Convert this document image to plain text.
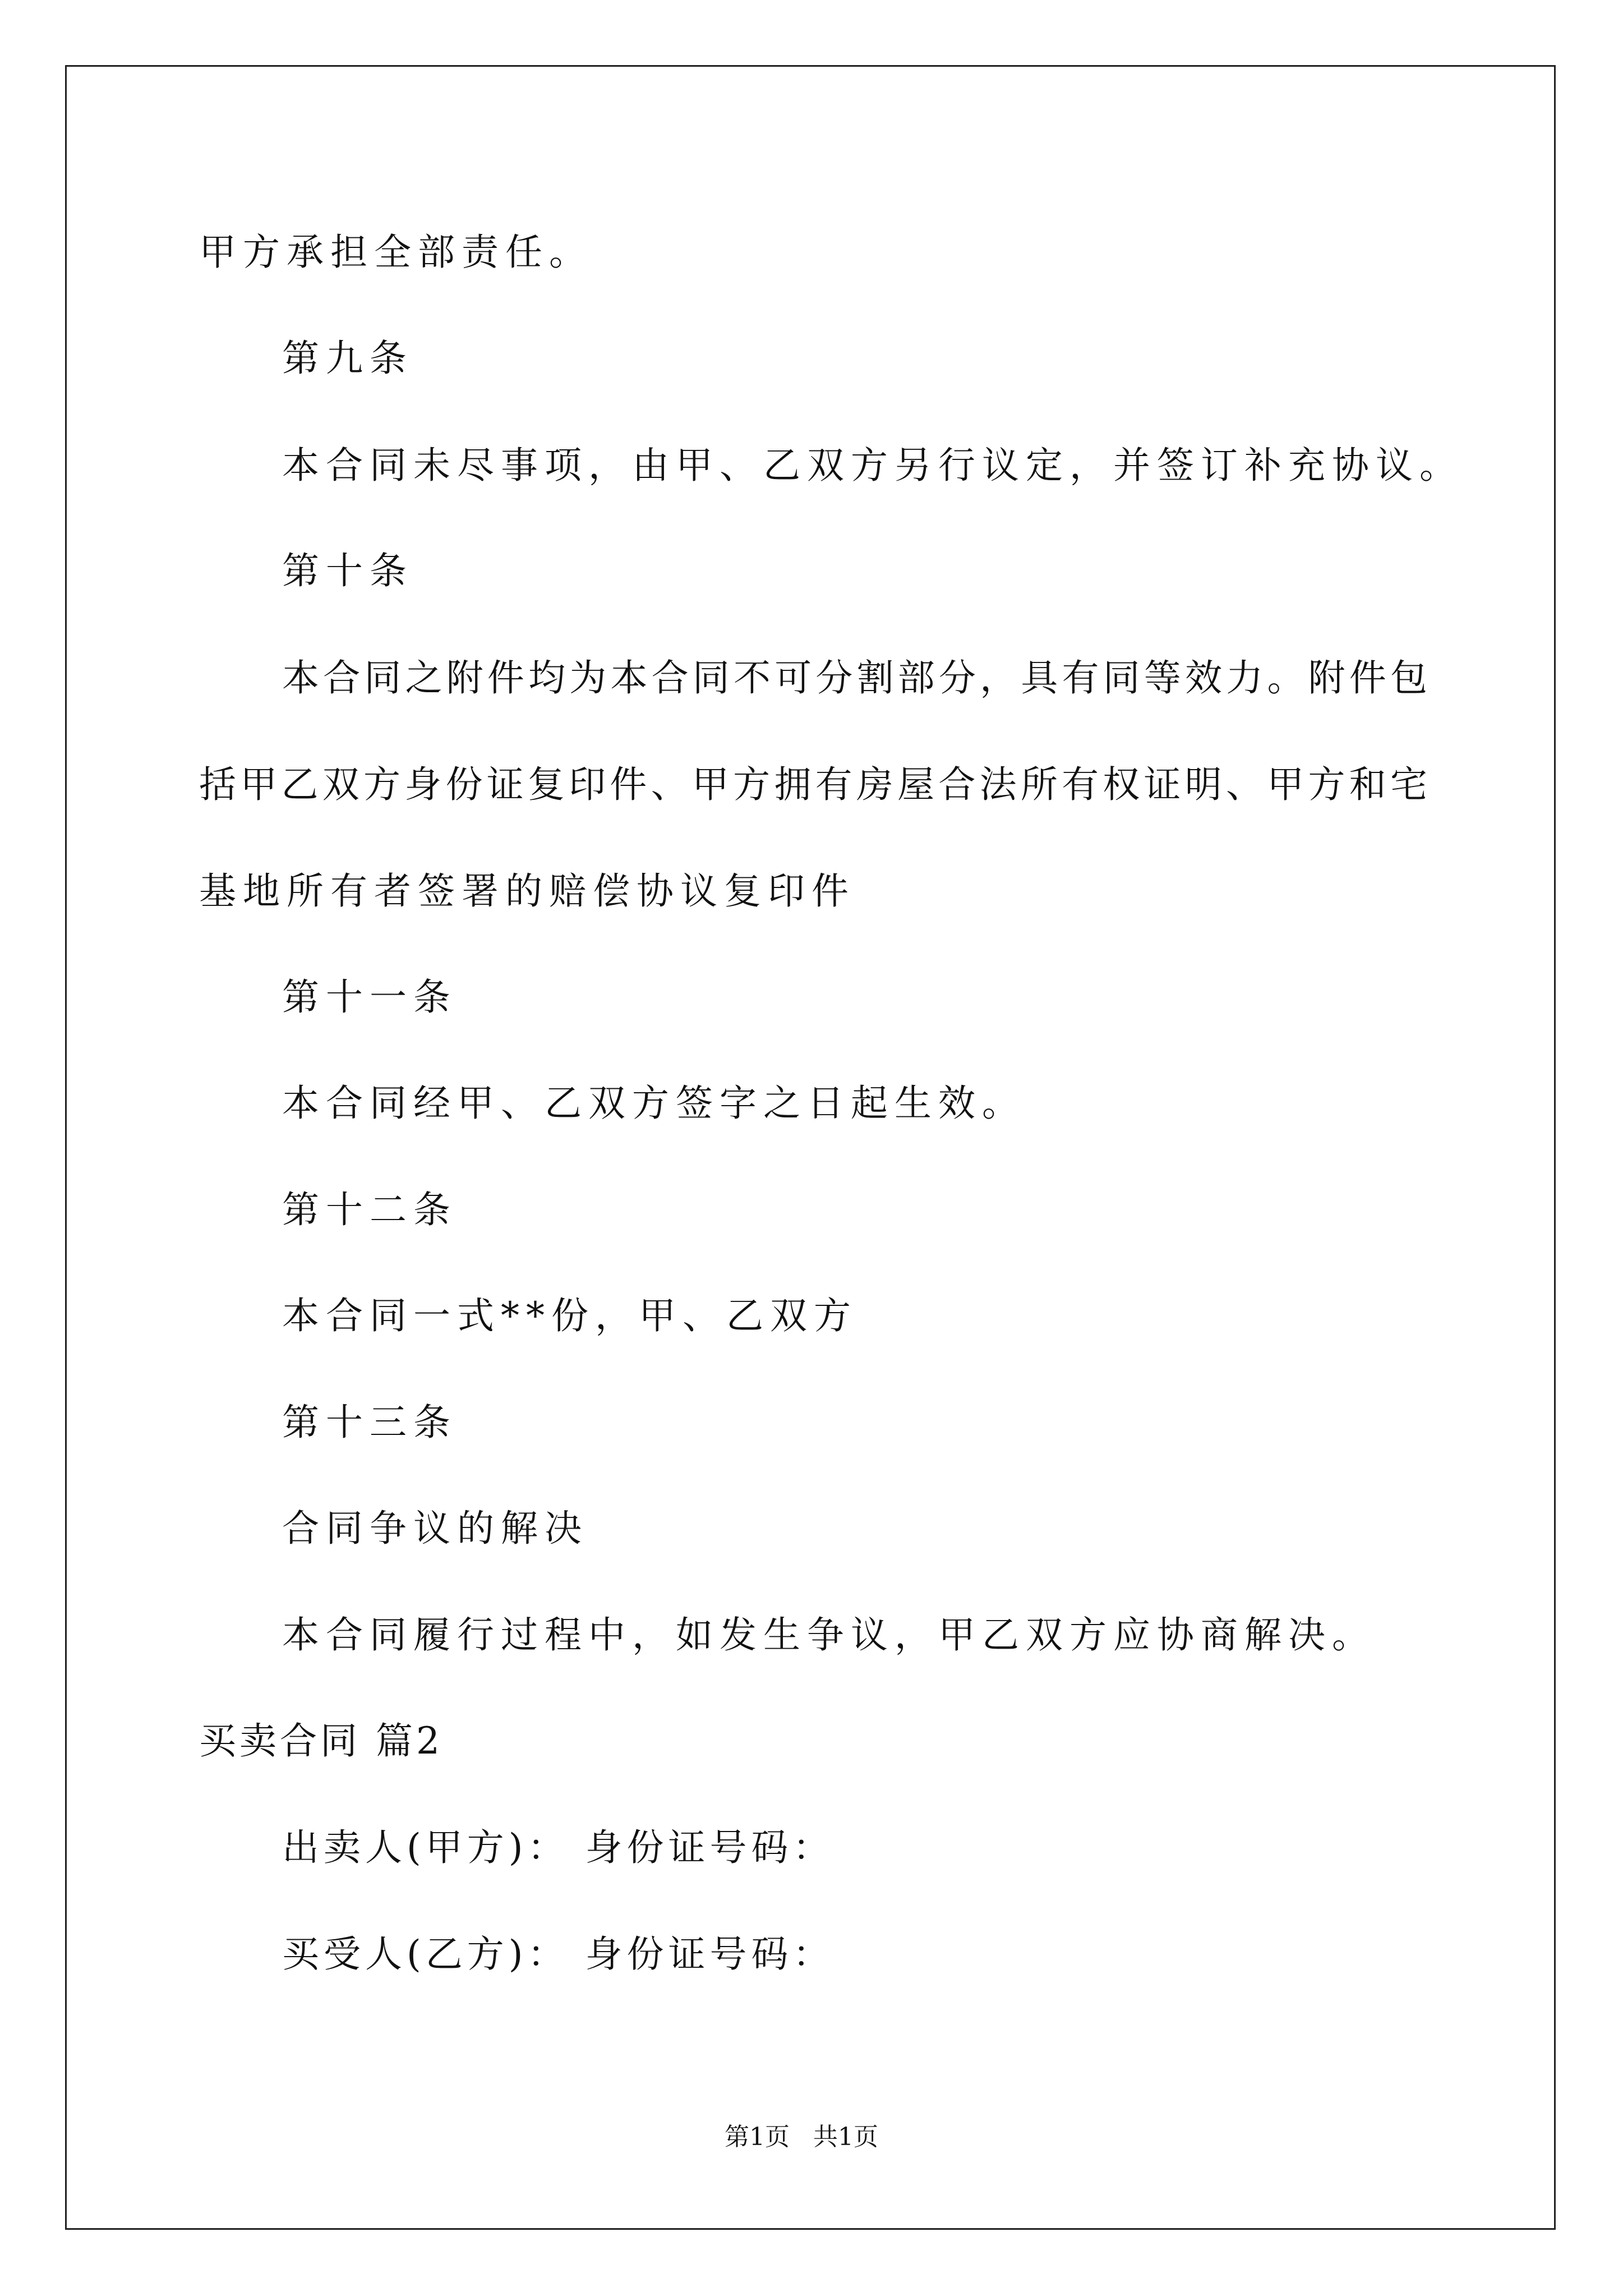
甲方承担全部责任。
第九条
本合同未尽事项，由甲、乙双方另行议定，并签订补充协议。
第十条
本合同之附件均为本合同不可分割部分，具有同等效力。附件包
括甲乙双方身份证复印件、甲方拥有房屋合法所有权证明、甲方和宅
基地所有者签署的赔偿协议复印件
第十一条
本合同经甲、乙双方签字之日起生效。
第十二条
本合同一式**份，甲、乙双方
第十三条
合同争议的解决
本合同履行过程中，如发生争议，甲乙双方应协商解决。
买卖合同 篇2
出卖人(甲方)： 身份证号码：
买受人(乙方)： 身份证号码：
第1页   共1页
